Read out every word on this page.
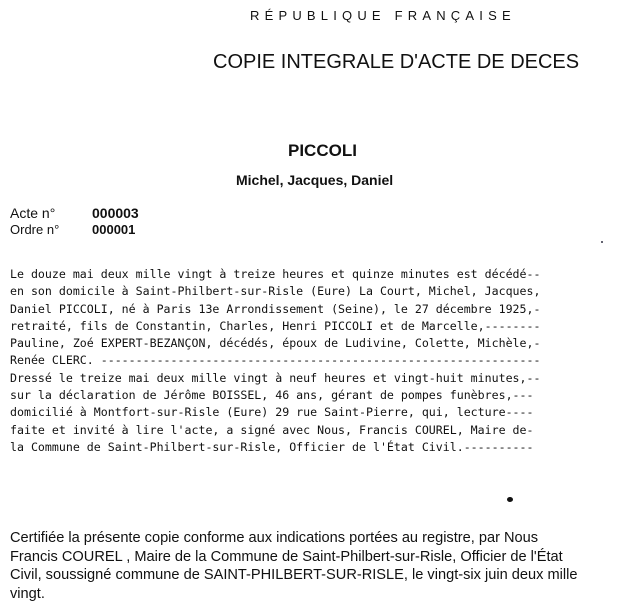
RÉPUBLIQUE FRANÇAISE
COPIE INTEGRALE D'ACTE DE DECES
PICCOLI
Michel, Jacques, Daniel
Acte n°	000003
Ordre n°	000001
Le douze mai deux mille vingt à treize heures et quinze minutes est décédé--
en son domicile à Saint-Philbert-sur-Risle (Eure) La Court, Michel, Jacques,
Daniel PICCOLI, né à Paris 13e Arrondissement (Seine), le 27 décembre 1925,-
retraité, fils de Constantin, Charles, Henri PICCOLI et de Marcelle,--------
Pauline, Zoé EXPERT-BEZANÇON, décédés, époux de Ludivine, Colette, Michèle,-
Renée CLERC. ---------------------------------------------------------------
Dressé le treize mai deux mille vingt à neuf heures et vingt-huit minutes,--
sur la déclaration de Jérôme BOISSEL, 46 ans, gérant de pompes funèbres,---
domicilié à Montfort-sur-Risle (Eure) 29 rue Saint-Pierre, qui, lecture----
faite et invité à lire l'acte, a signé avec Nous, Francis COUREL, Maire de-
la Commune de Saint-Philbert-sur-Risle, Officier de l'État Civil.----------
Certifiée la présente copie conforme aux indications portées au registre, par Nous
Francis COUREL , Maire de la Commune de Saint-Philbert-sur-Risle, Officier de l'État
Civil, soussigné commune de SAINT-PHILBERT-SUR-RISLE, le vingt-six juin deux mille
vingt.
